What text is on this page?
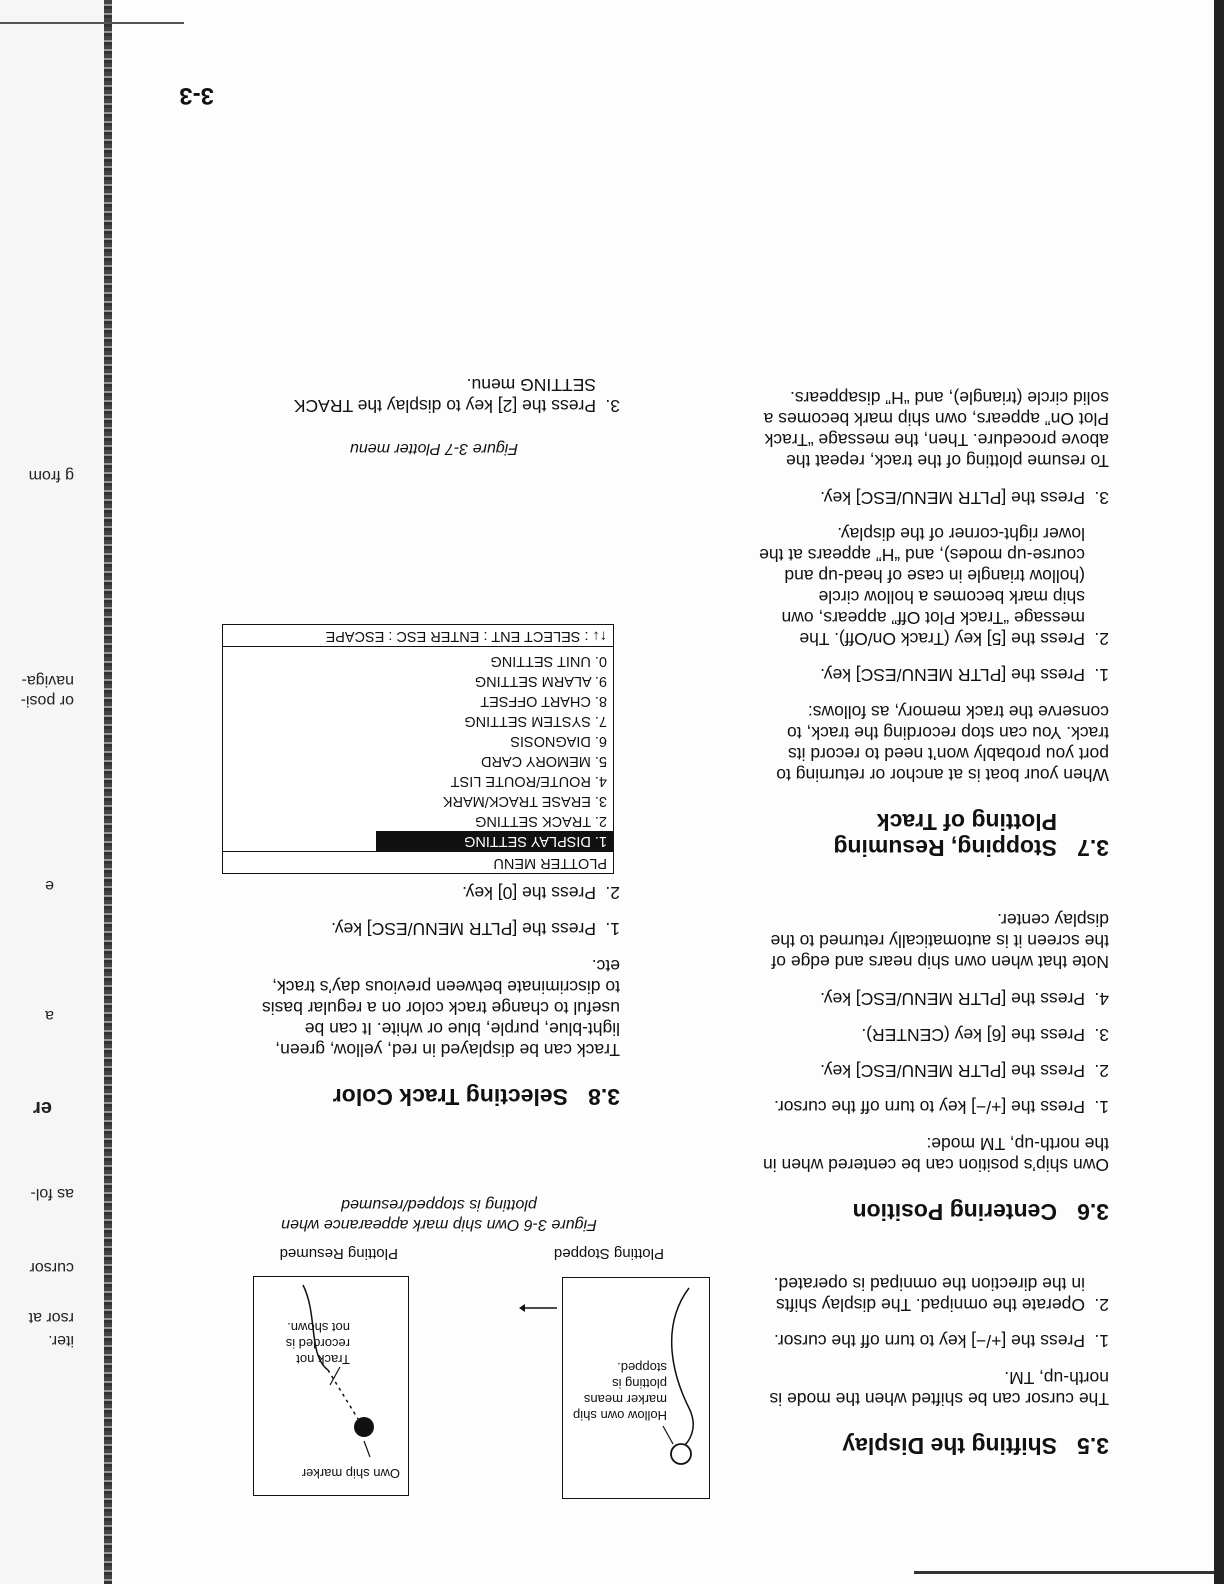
g from
naviga-
or posi-
e
a
er
as fol-
cursor
rsor at
iter.
3.5Shifting the Display

The cursor can be shifted when the mode is north-up, TM.

1.
Press the [+/−] key to turn off the cursor.
2.
Operate the omnipad. The display shifts in the direction the omnipad is operated.
3.6Centering Position

Own ship’s position can be centered when in the north-up, TM mode:

1.
Press the [+/−] key to turn off the cursor.
2.
Press the [PLTR MENU/ESC] key.
3.
Press the [6] key (CENTER).
4.
Press the [PLTR MENU/ESC] key.

Note that when own ship nears and edge of the screen it is automatically returned to the display center.

3.7Stopping, Resuming
Plotting of Track

When your boat is at anchor or returning to port you probably won’t need to record its track. You can stop recording the track, to conserve the track memory, as follows:

1.
Press the [PLTR MENU/ESC] key.
2.
Press the [5] key (Track On/Off). The message “Track Plot Off” appears, own ship mark becomes a hollow circle (hollow triangle in case of head-up and course-up modes), and “H” appears at the lower right-corner of the display.
3.
Press the [PLTR MENU/ESC] key.

To resume plotting of the track, repeat the above procedure. Then, the message “Track Plot On” appears, own ship mark becomes a solid circle (triangle), and “H” disappears.

Hollow own ship marker means plotting is stopped.
Plotting Stopped
Own ship marker
Track not recorded is not shown.
Plotting Resumed
Figure 3-6 Own ship mark appearance when plotting is stopped/resumed
3.8Selecting Track Color

Track can be displayed in red, yellow, green, light-blue, purple, blue or white. It can be useful to change track color on a regular basis to discriminate between previous day’s track, etc.

1.
Press the [PLTR MENU/ESC] key.
2.
Press the [0] key.
PLOTTER MENU
1. DISPLAY SETTING
2. TRACK SETTING
3. ERASE TRACK/MARK
4. ROUTE/ROUTE LIST
5. MEMORY CARD
6. DIAGNOSIS
7. SYSTEM SETTING
8. CHART OFFSET
9. ALARM SETTING
0. UNIT SETTING
↑↓ : SELECT ENT : ENTER ESC : ESCAPE
Figure 3-7 Plotter menu
3.
Press the [2] key to display the TRACK SETTING menu.
3-3
